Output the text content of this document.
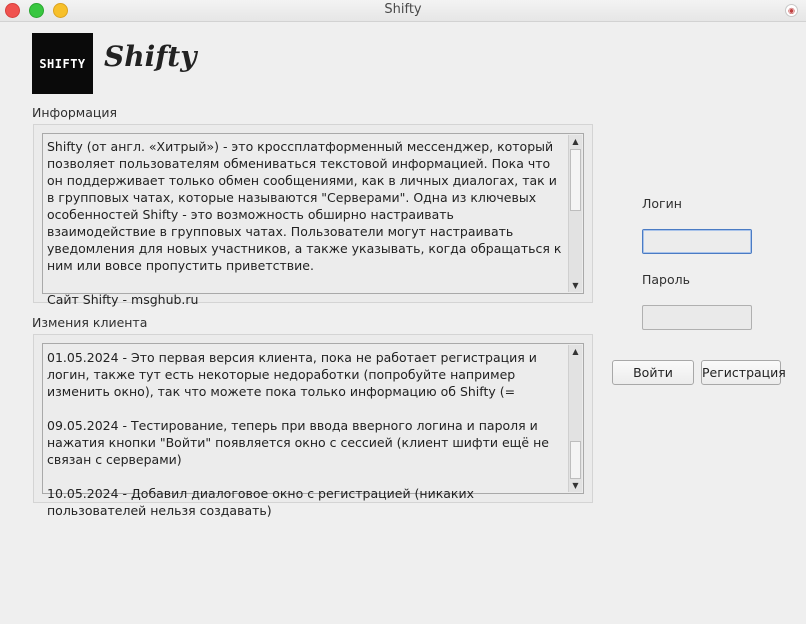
Shifty	◉
SHIFTY Shifty
Информация

Shifty (от англ. «Хитрый») - это кроссплатформенный мессенджер, который позволяет пользователям обмениваться текстовой информацией. Пока что он поддерживает только обмен сообщениями, как в личных диалогах, так и в групповых чатах, которые называются "Серверами". Одна из ключевых особенностей Shifty - это возможность обширно настраивать взаимодействие в групповых чатах. Пользователи могут настраивать уведомления для новых участников, а также указывать, когда обращаться к ним или вовсе пропустить приветствие.

Сайт Shifty - msghub.ru

▲
▼
Измения клиента

01.05.2024 - Это первая версия клиента, пока не работает регистрация и логин, также тут есть некоторые недоработки (попробуйте например изменить окно), так что можете пока только информацию об Shifty (=

09.05.2024 - Тестирование, теперь при ввода вверного логина и пароля и нажатия кнопки "Войти" появляется окно с сессией (клиент шифти ещё не связан с серверами)

10.05.2024 - Добавил диалоговое окно с регистрацией (никаких пользователей нельзя создавать)

▲
▼
Логин
Пароль
Войти	Регистрация
